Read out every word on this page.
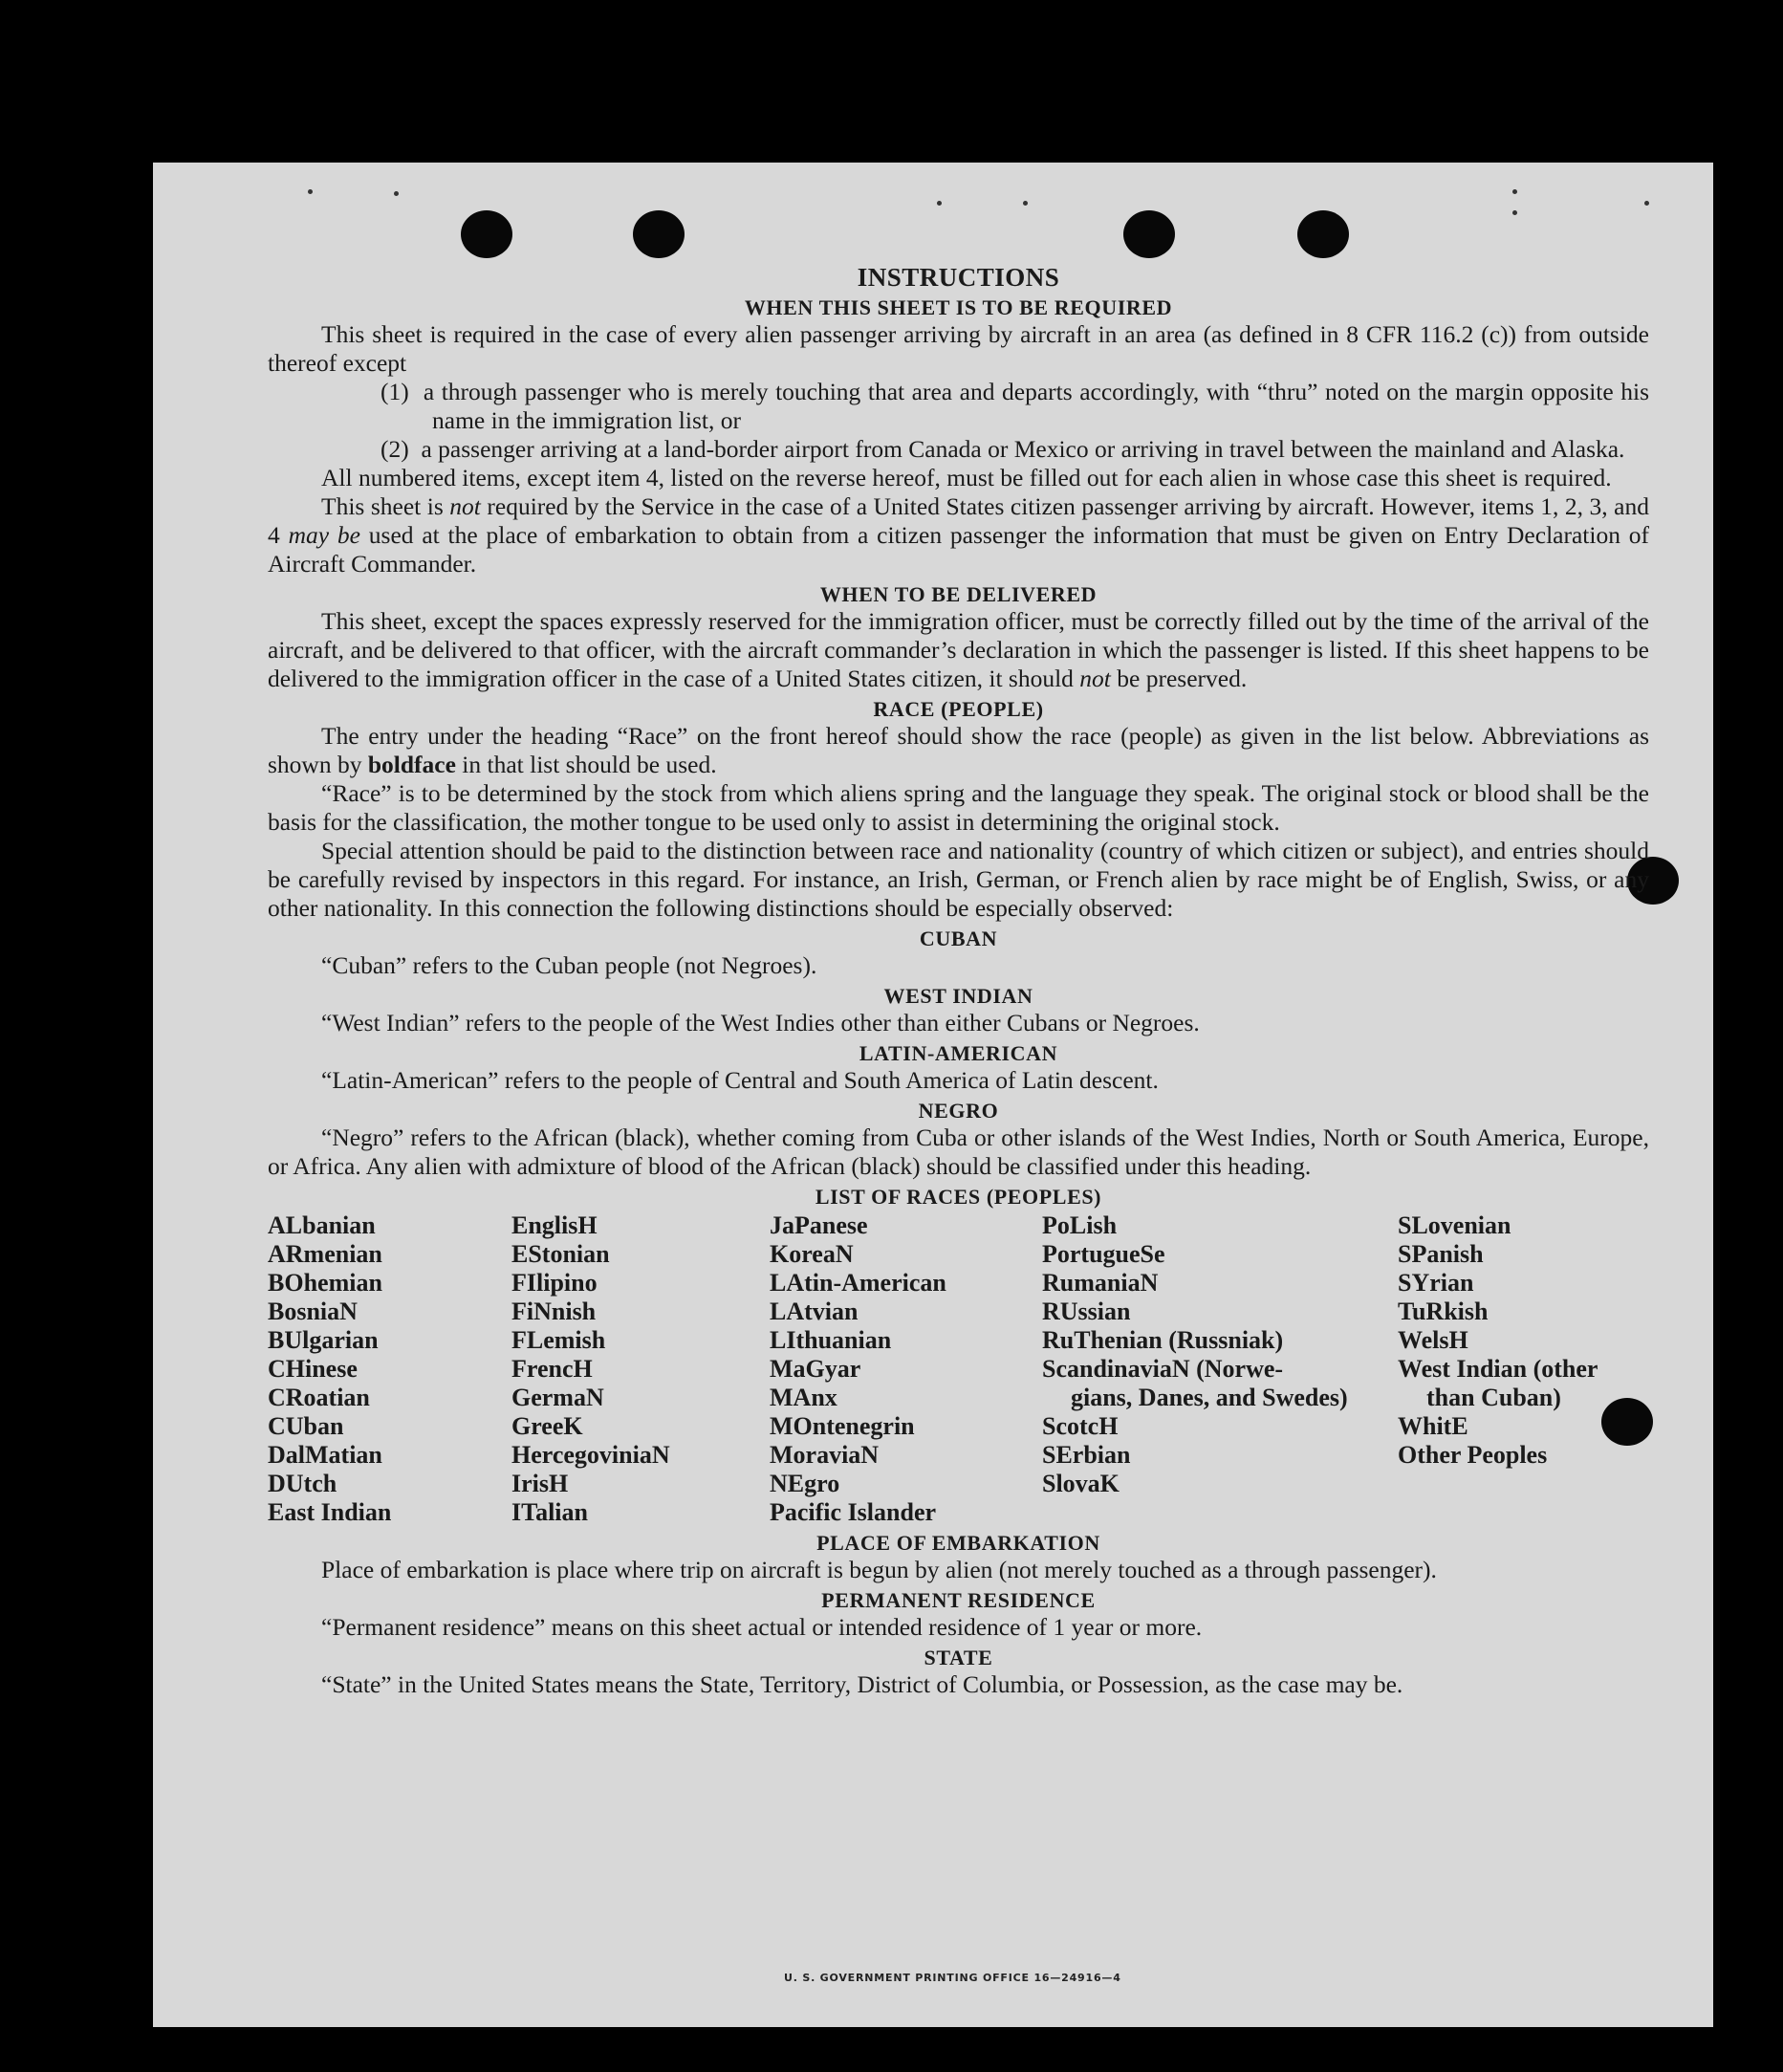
INSTRUCTIONS
WHEN THIS SHEET IS TO BE REQUIRED

This sheet is required in the case of every alien passenger arriving by aircraft in an area (as defined in 8 CFR 116.2 (c)) from outside thereof except

(1) a through passenger who is merely touching that area and departs accordingly, with “thru” noted on the margin opposite his name in the immigration list, or

(2) a passenger arriving at a land-border airport from Canada or Mexico or arriving in travel between the mainland and Alaska.

All numbered items, except item 4, listed on the reverse hereof, must be filled out for each alien in whose case this sheet is required.

This sheet is not required by the Service in the case of a United States citizen passenger arriving by aircraft. However, items 1, 2, 3, and 4 may be used at the place of embarkation to obtain from a citizen passenger the information that must be given on Entry Declaration of Aircraft Commander.

WHEN TO BE DELIVERED

This sheet, except the spaces expressly reserved for the immigration officer, must be correctly filled out by the time of the arrival of the aircraft, and be delivered to that officer, with the aircraft commander’s declaration in which the passenger is listed. If this sheet happens to be delivered to the immigration officer in the case of a United States citizen, it should not be preserved.

RACE (PEOPLE)

The entry under the heading “Race” on the front hereof should show the race (people) as given in the list below. Abbreviations as shown by boldface in that list should be used.

“Race” is to be determined by the stock from which aliens spring and the language they speak. The original stock or blood shall be the basis for the classification, the mother tongue to be used only to assist in determining the original stock.

Special attention should be paid to the distinction between race and nationality (country of which citizen or subject), and entries should be carefully revised by inspectors in this regard. For instance, an Irish, German, or French alien by race might be of English, Swiss, or any other nationality. In this connection the following distinctions should be especially observed:

CUBAN

“Cuban” refers to the Cuban people (not Negroes).

WEST INDIAN

“West Indian” refers to the people of the West Indies other than either Cubans or Negroes.

LATIN-AMERICAN

“Latin-American” refers to the people of Central and South America of Latin descent.

NEGRO

“Negro” refers to the African (black), whether coming from Cuba or other islands of the West Indies, North or South America, Europe, or Africa. Any alien with admixture of blood of the African (black) should be classified under this heading.

LIST OF RACES (PEOPLES)
ALbanian
ARmenian
BOhemian
BosniaN
BUlgarian
CHinese
CRoatian
CUban
DalMatian
DUtch
East Indian
EnglisH
EStonian
FIlipino
FiNnish
FLemish
FrencH
GermaN
GreeK
HercegoviniaN
IrisH
ITalian
JaPanese
KoreaN
LAtin-American
LAtvian
LIthuanian
MaGyar
MAnx
MOntenegrin
MoraviaN
NEgro
Pacific Islander
PoLish
PortugueSe
RumaniaN
RUssian
RuThenian (Russniak)
ScandinaviaN (Norwe-
gians, Danes, and Swedes)
ScotcH
SErbian
SlovaK
SLovenian
SPanish
SYrian
TuRkish
WelsH
West Indian (other
than Cuban)
WhitE
Other Peoples
PLACE OF EMBARKATION

Place of embarkation is place where trip on aircraft is begun by alien (not merely touched as a through passenger).

PERMANENT RESIDENCE

“Permanent residence” means on this sheet actual or intended residence of 1 year or more.

STATE

“State” in the United States means the State, Territory, District of Columbia, or Possession, as the case may be.

U. S. GOVERNMENT PRINTING OFFICE 16—24916—4
